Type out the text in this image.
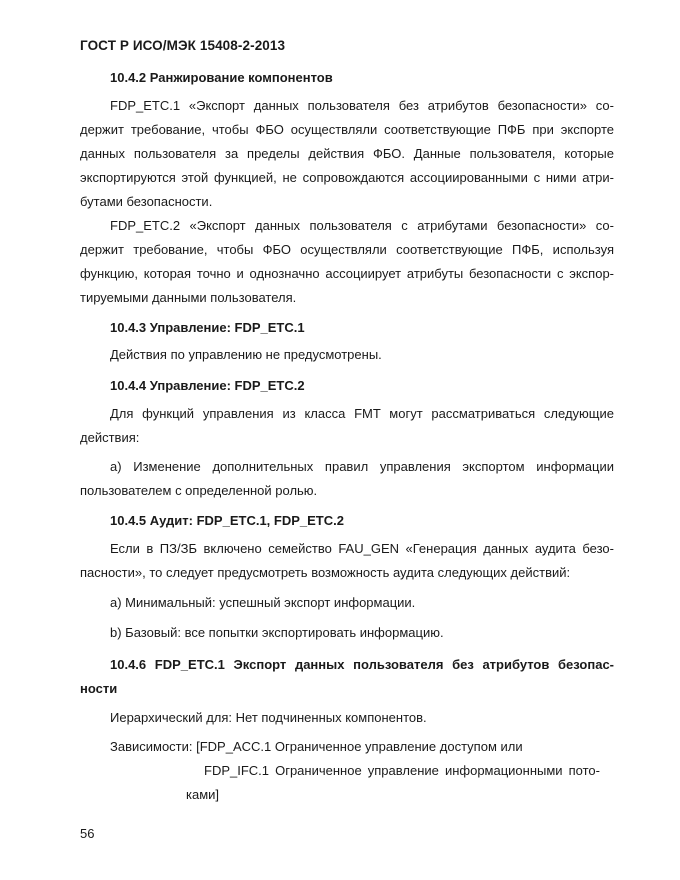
ГОСТ Р ИСО/МЭК 15408-2-2013
10.4.2 Ранжирование компонентов
FDP_ETC.1 «Экспорт данных пользователя без атрибутов безопасности» со-
держит требование, чтобы ФБО осуществляли соответствующие ПФБ при экспорте
данных пользователя за пределы действия ФБО. Данные пользователя, которые
экспортируются этой функцией, не сопровождаются ассоциированными с ними атри-
бутами безопасности.
FDP_ETC.2 «Экспорт данных пользователя с атрибутами безопасности» со-
держит требование, чтобы ФБО осуществляли соответствующие ПФБ, используя
функцию, которая точно и однозначно ассоциирует атрибуты безопасности с экспор-
тируемыми данными пользователя.
10.4.3 Управление: FDP_ETC.1
Действия по управлению не предусмотрены.
10.4.4 Управление: FDP_ETC.2
Для функций управления из класса FMT могут рассматриваться следующие
действия:
a) Изменение дополнительных правил управления экспортом информации
пользователем с определенной ролью.
10.4.5 Аудит: FDP_ETC.1, FDP_ETC.2
Если в ПЗ/ЗБ включено семейство FAU_GEN «Генерация данных аудита безо-
пасности», то следует предусмотреть возможность аудита следующих действий:
a) Минимальный: успешный экспорт информации.
b) Базовый: все попытки экспортировать информацию.
10.4.6 FDP_ETC.1 Экспорт данных пользователя без атрибутов безопас-
ности
Иерархический для: Нет подчиненных компонентов.
Зависимости: [FDP_ACC.1 Ограниченное управление доступом или
FDP_IFC.1 Ограниченное управление информационными пото-
ками]
56
